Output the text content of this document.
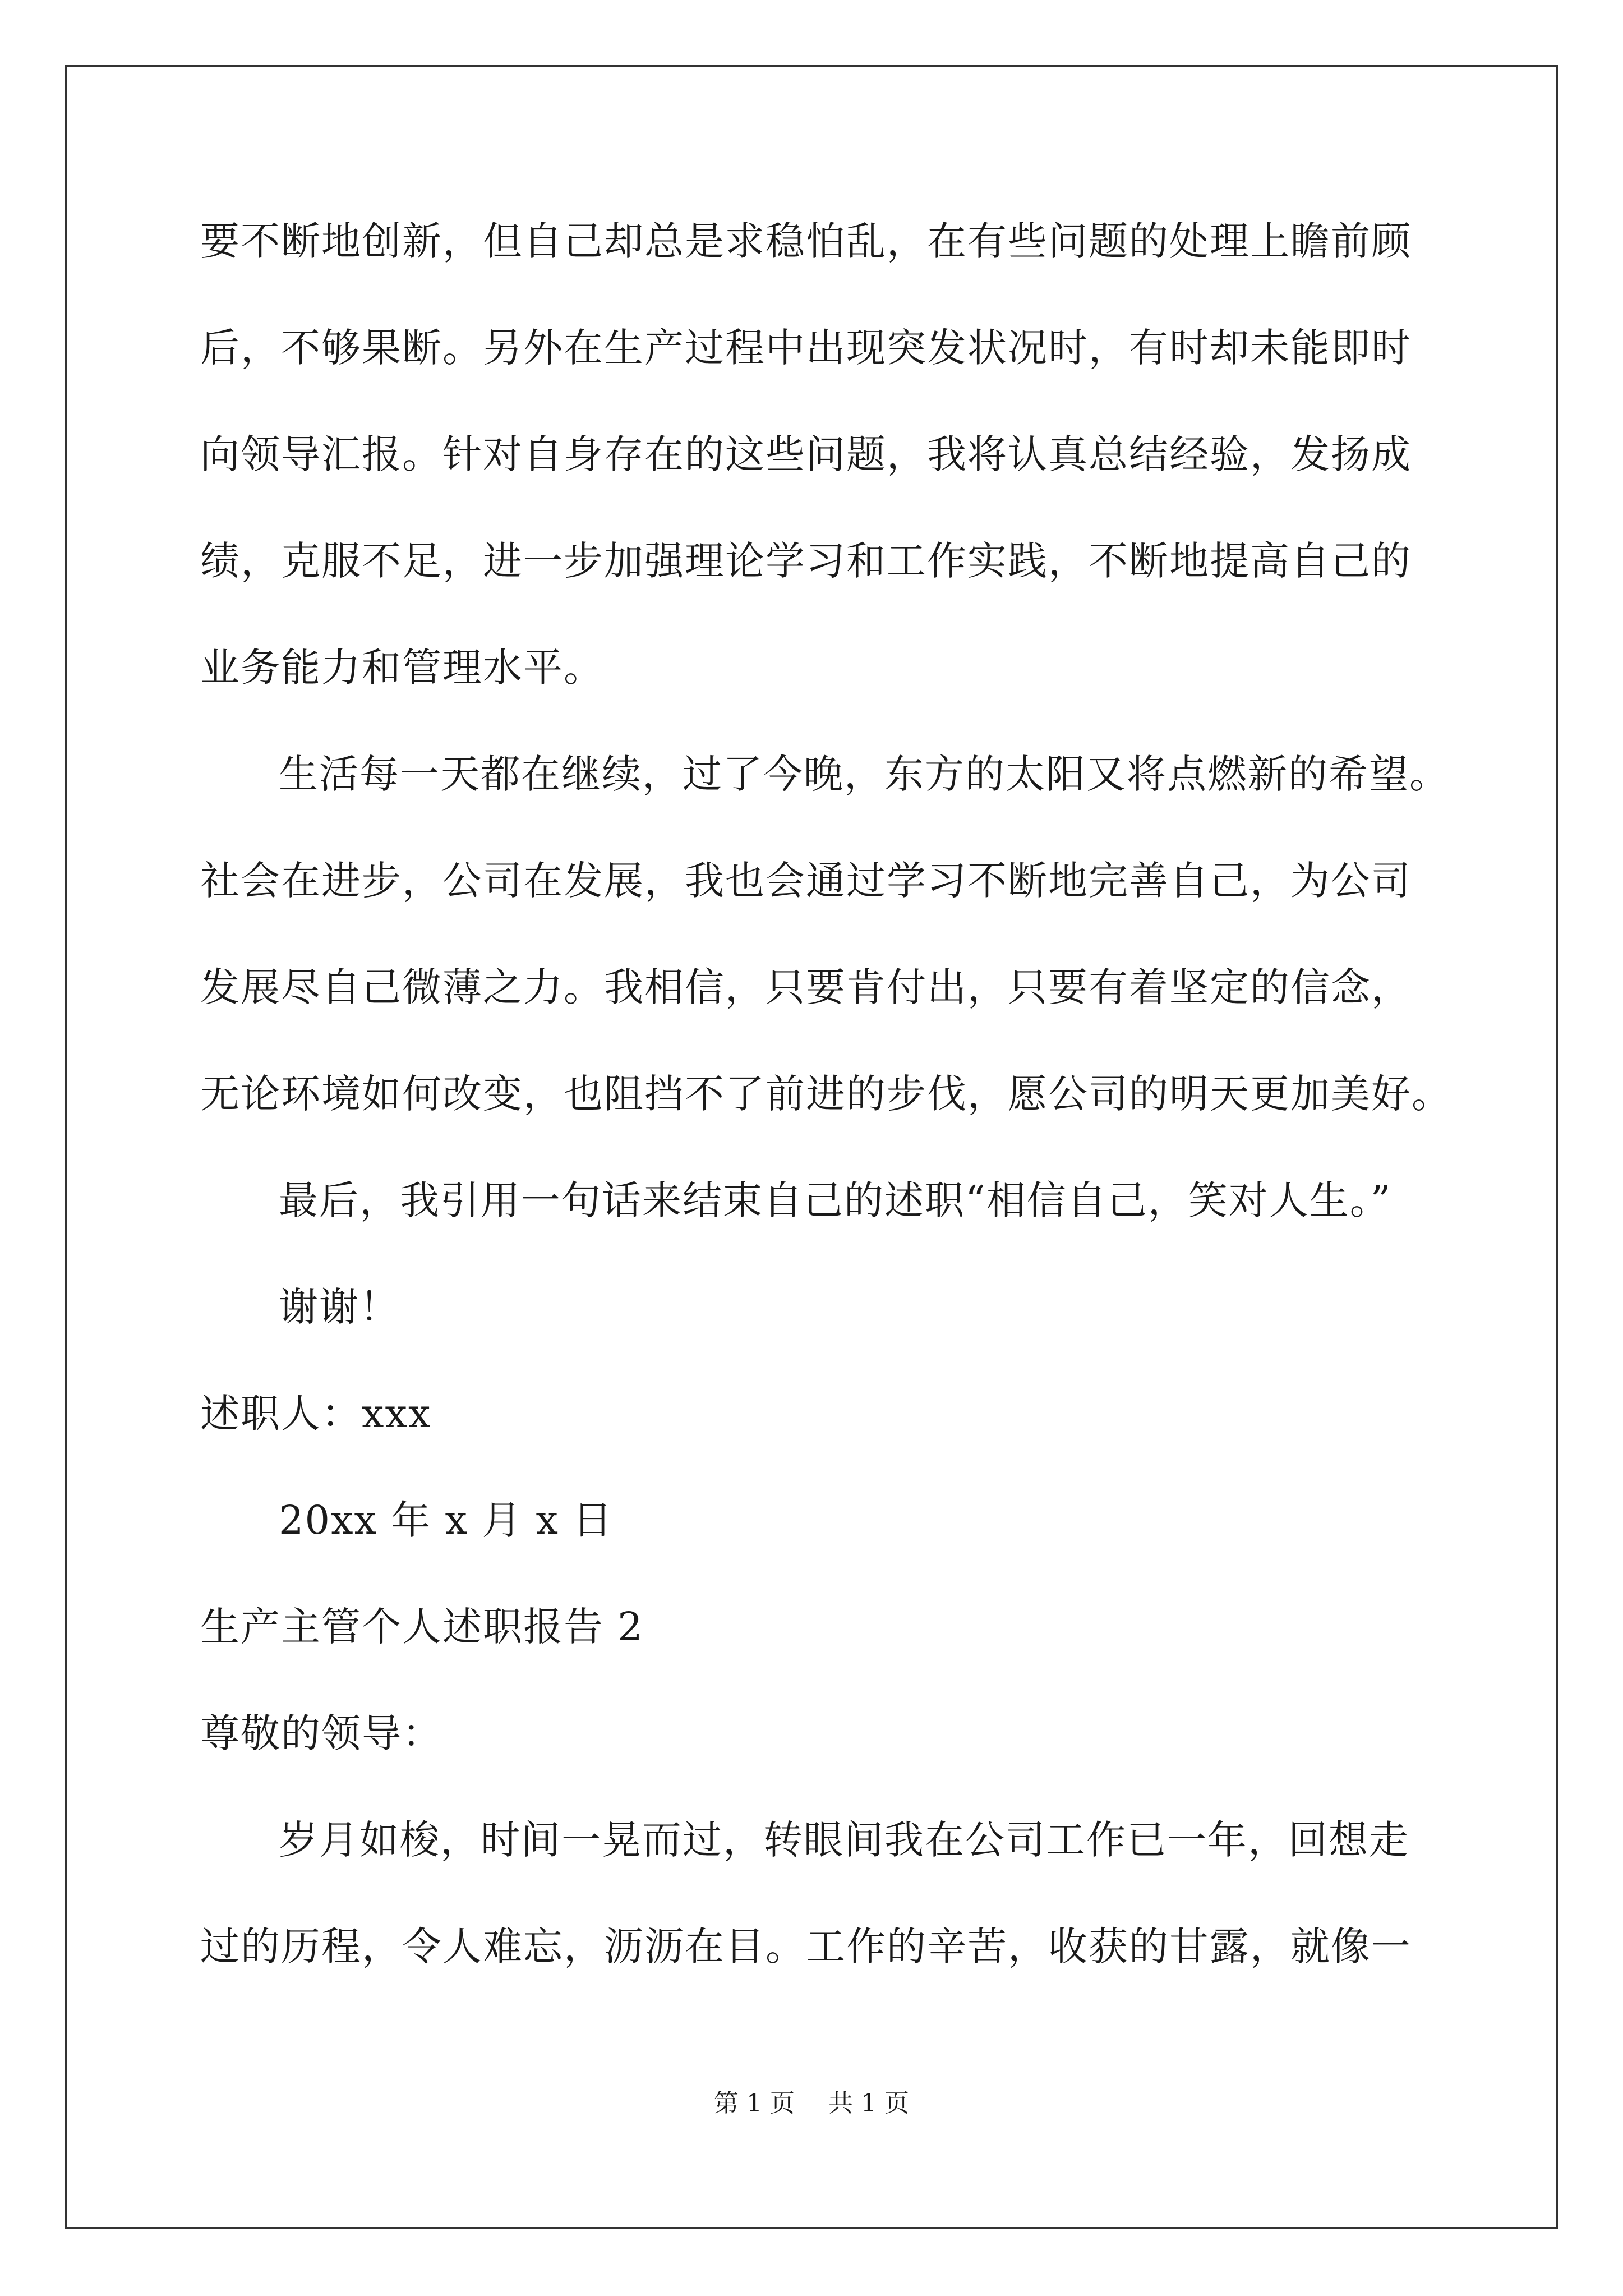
要不断地创新，但自己却总是求稳怕乱，在有些问题的处理上瞻前顾
后，不够果断。另外在生产过程中出现突发状况时，有时却未能即时
向领导汇报。针对自身存在的这些问题，我将认真总结经验，发扬成
绩，克服不足，进一步加强理论学习和工作实践，不断地提高自己的
业务能力和管理水平。
生活每一天都在继续，过了今晚，东方的太阳又将点燃新的希望。
社会在进步，公司在发展，我也会通过学习不断地完善自己，为公司
发展尽自己微薄之力。我相信，只要肯付出，只要有着坚定的信念，
无论环境如何改变，也阻挡不了前进的步伐，愿公司的明天更加美好。
最后，我引用一句话来结束自己的述职“相信自己，笑对人生。”
谢谢！
述职人：xxx
20xx 年 x 月 x 日
生产主管个人述职报告 2
尊敬的领导：
岁月如梭，时间一晃而过，转眼间我在公司工作已一年，回想走
过的历程，令人难忘，沥沥在目。工作的辛苦，收获的甘露，就像一
第 1 页 共 1 页
